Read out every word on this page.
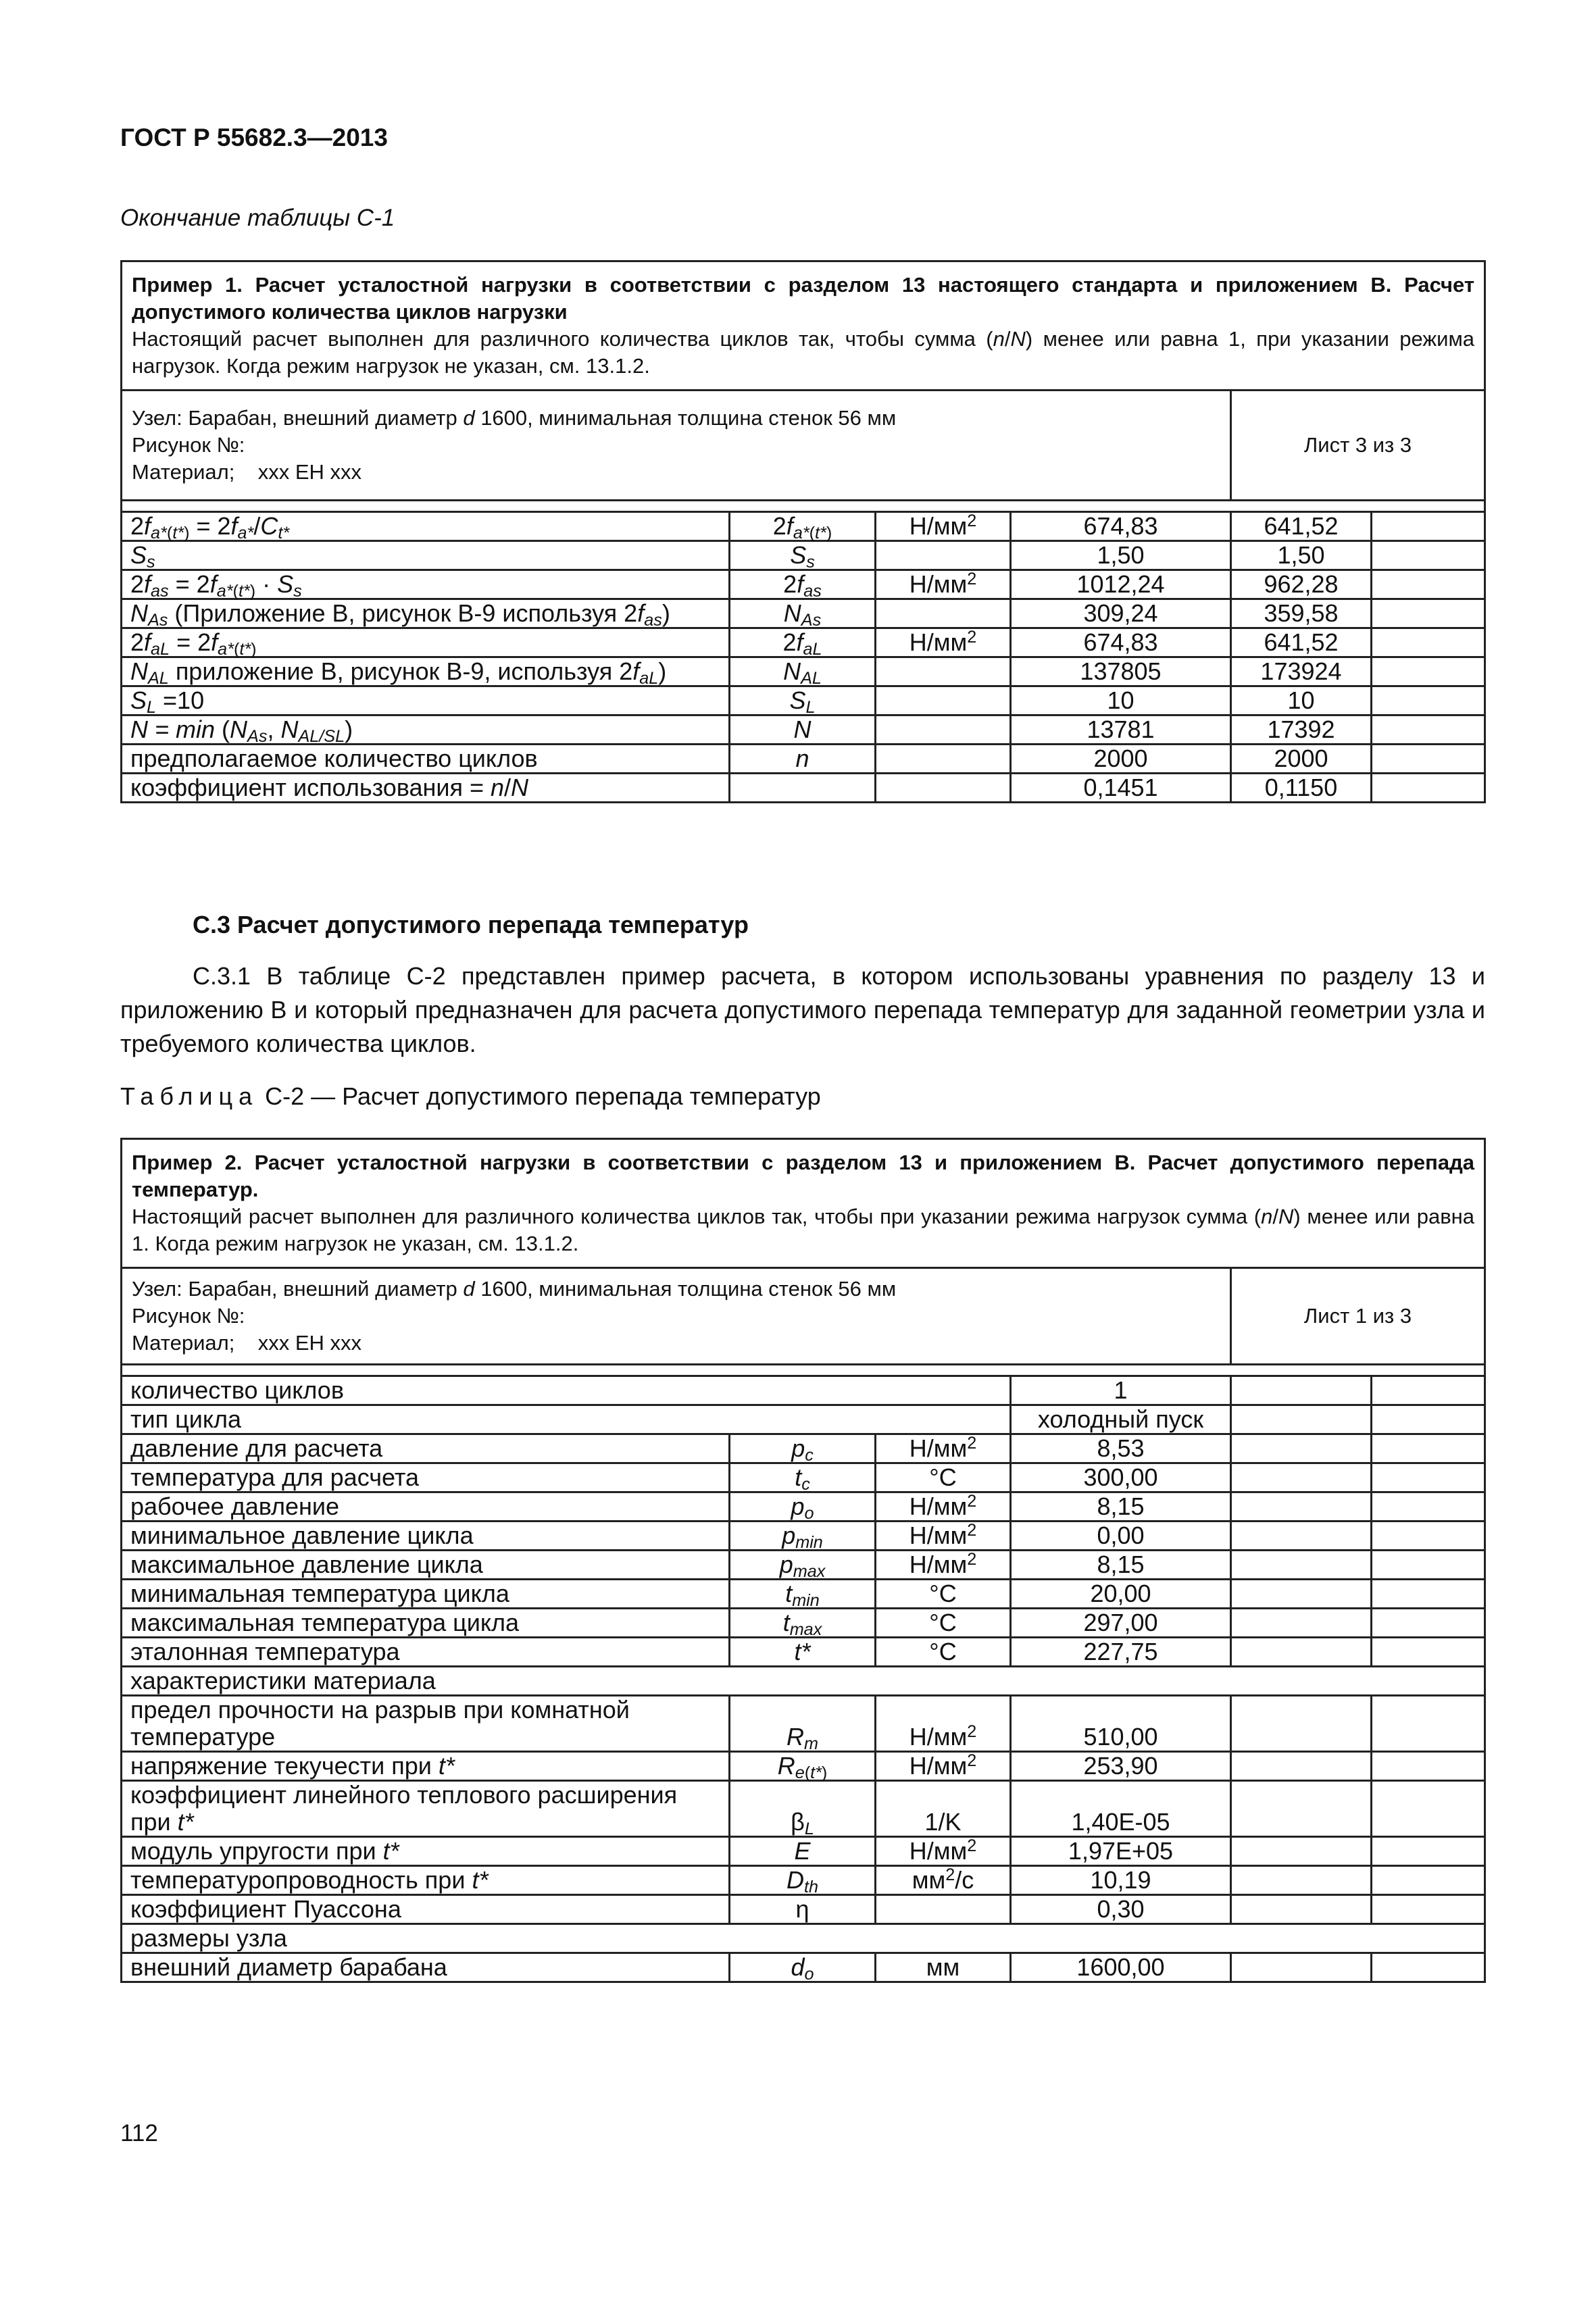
ГОСТ Р 55682.3—2013
Окончание таблицы С-1
Пример 1. Расчет усталостной нагрузки в соответствии с разделом 13 настоящего стандарта и приложением В. Расчет допустимого количества циклов нагрузки
Настоящий расчет выполнен для различного количества циклов так, чтобы сумма (n/N) менее или равна 1, при указании режима нагрузок. Когда режим нагрузок не указан, см. 13.1.2.					
Узел: Барабан, внешний диаметр d 1600, минимальная толщина стенок 56 мм
Рисунок №:
Материал;    xxx EH xxx				Лист 3 из 3	

$2f_{a*(t*)} = 2f_{a*}/C_{t*}$	$2f_{a*(t*)}$	$Н/мм^2$	674,83	641,52	
$S_s$	$S_s$		1,50	1,50	
$2f_{as} = 2f_{a*(t*)} \cdot S_s$	$2f_{as}$	$Н/мм^2$	1012,24	962,28	
$N_{As}$ (Приложение В, рисунок В-9 используя $2f_{as}$)	$N_{As}$		309,24	359,58	
$2f_{aL} = 2f_{a*(t*)}$	$2f_{aL}$	$Н/мм^2$	674,83	641,52	
$N_{AL}$ приложение В, рисунок В-9, используя $2f_{aL}$)	$N_{AL}$		137805	173924	
$S_L =10$	$S_L$		10	10	
$N = \min (N_{As}$, $N_{AL/SL}$)	N		13781	17392	
предполагаемое количество циклов	n		2000	2000	
коэффициент использования = n/N			0,1451	0,1150	
С.3 Расчет допустимого перепада температур
С.3.1 В таблице С-2 представлен пример расчета, в котором использованы уравнения по разделу 13 и приложению В и который предназначен для расчета допустимого перепада температур для заданной геометрии узла и требуемого количества циклов.
Таблица С-2 — Расчет допустимого перепада температур
Пример 2. Расчет усталостной нагрузки в соответствии с разделом 13 и приложением В. Расчет допустимого перепада температур.
Настоящий расчет выполнен для различного количества циклов так, чтобы при указании режима нагрузок сумма (n/N) менее или равна 1. Когда режим нагрузок не указан, см. 13.1.2.					
Узел: Барабан, внешний диаметр d 1600, минимальная толщина стенок 56 мм
Рисунок №:
Материал;    xxx EH xxx				Лист 1 из 3	

количество циклов			1		
тип цикла			холодный пуск		
давление для расчета	$p_c$	$Н/мм^2$	8,53		
температура для расчета	$t_c$	°C	300,00		
рабочее давление	$p_o$	$Н/мм^2$	8,15		
минимальное давление цикла	$p_{min}$	$Н/мм^2$	0,00		
максимальное давление цикла	$p_{max}$	$Н/мм^2$	8,15		
минимальная температура цикла	$t_{min}$	°C	20,00		
максимальная температура цикла	$t_{max}$	°C	297,00		
эталонная температура	t*	°C	227,75		
характеристики материала					
предел прочности на разрыв при комнатной температуре	$R_m$	$Н/мм^2$	510,00		
напряжение текучести при t*	$R_{e(t*)}$	$Н/мм^2$	253,90		
коэффициент линейного теплового расширения при t*	$\beta_L$	1/K	1,40E-05		
модуль упругости при t*	E	$Н/мм^2$	1,97E+05		
температуропроводность при t*	$D_{th}$	$мм^2/с$	10,19		
коэффициент Пуассона	η		0,30		
размеры узла					
внешний диаметр барабана	$d_o$	мм	1600,00		
112
